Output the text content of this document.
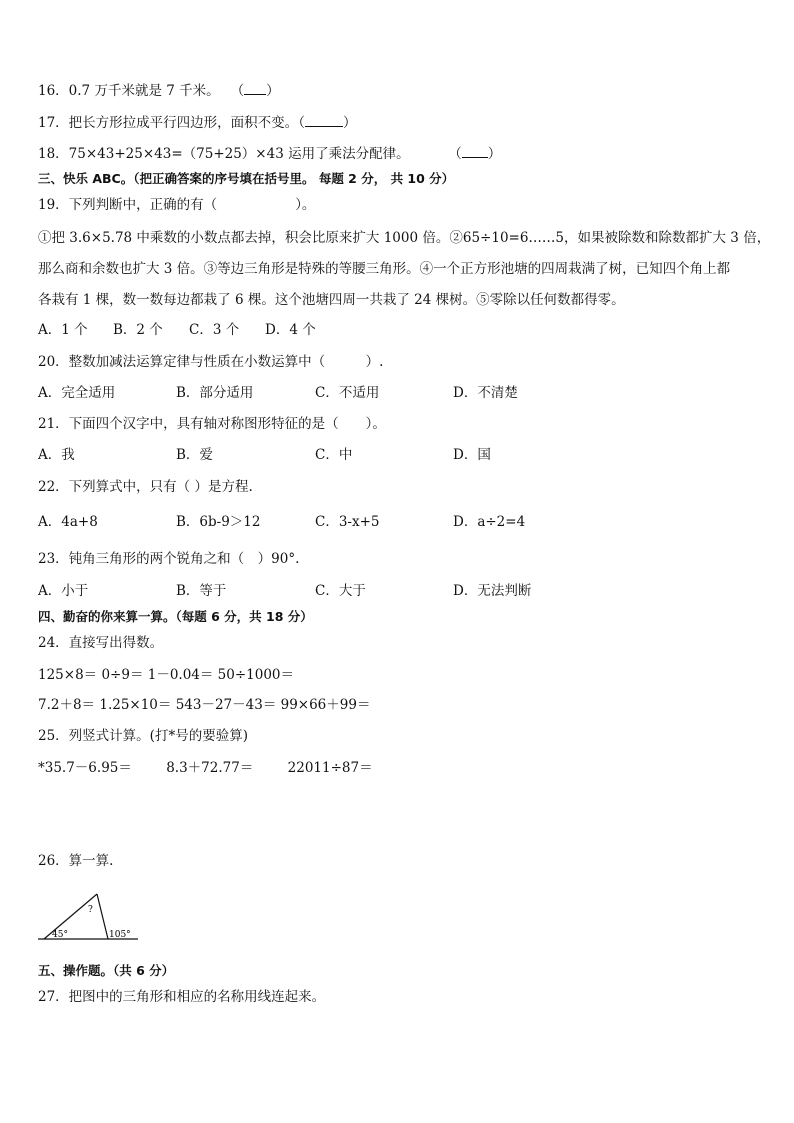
16．0.7 万千米就是 7 千米。　 （ ）
17．把长方形拉成平行四边形，面积不变。（	）
18．75×43+25×43=（75+25）×43 运用了乘法分配律。	（ ）
三、快乐 ABC。（把正确答案的序号填在括号里。 每题 2 分， 共 10 分）
19．下列判断中，正确的有（	）。
①把 3.6×5.78 中乘数的小数点都去掉，积会比原来扩大 1000 倍。②65÷10=6……5，如果被除数和除数都扩大 3 倍，
那么商和余数也扩大 3 倍。③等边三角形是特殊的等腰三角形。④一个正方形池塘的四周栽满了树，已知四个角上都
各栽有 1 棵，数一数每边都栽了 6 棵。这个池塘四周一共栽了 24 棵树。⑤零除以任何数都得零。
A．1 个 B．2 个 C．3 个 D．4 个
20．整数加减法运算定律与性质在小数运算中（　　　）.
A．完全适用	B．部分适用	C．不适用	D．不清楚
21．下面四个汉字中，具有轴对称图形特征的是（　　）。
A．我	B．爱	C．中	D．国
22．下列算式中，只有（ ）是方程.
A．4a+8	B．6b-9＞12	C．3-x+5	D．a÷2=4
23．钝角三角形的两个锐角之和（　）90°.
A．小于	B．等于	C．大于	D．无法判断
四、勤奋的你来算一算。（每题 6 分，共 18 分）
24．直接写出得数。
125×8＝ 0÷9＝ 1－0.04＝ 50÷1000＝
7.2＋8＝ 1.25×10＝ 543－27－43＝ 99×66＋99＝
25．列竖式计算。(打*号的要验算)
*35.7－6.95＝        8.3＋72.77＝        22011÷87＝
26．算一算.
?
45°	105°
五、操作题。（共 6 分）
27．把图中的三角形和相应的名称用线连起来。
